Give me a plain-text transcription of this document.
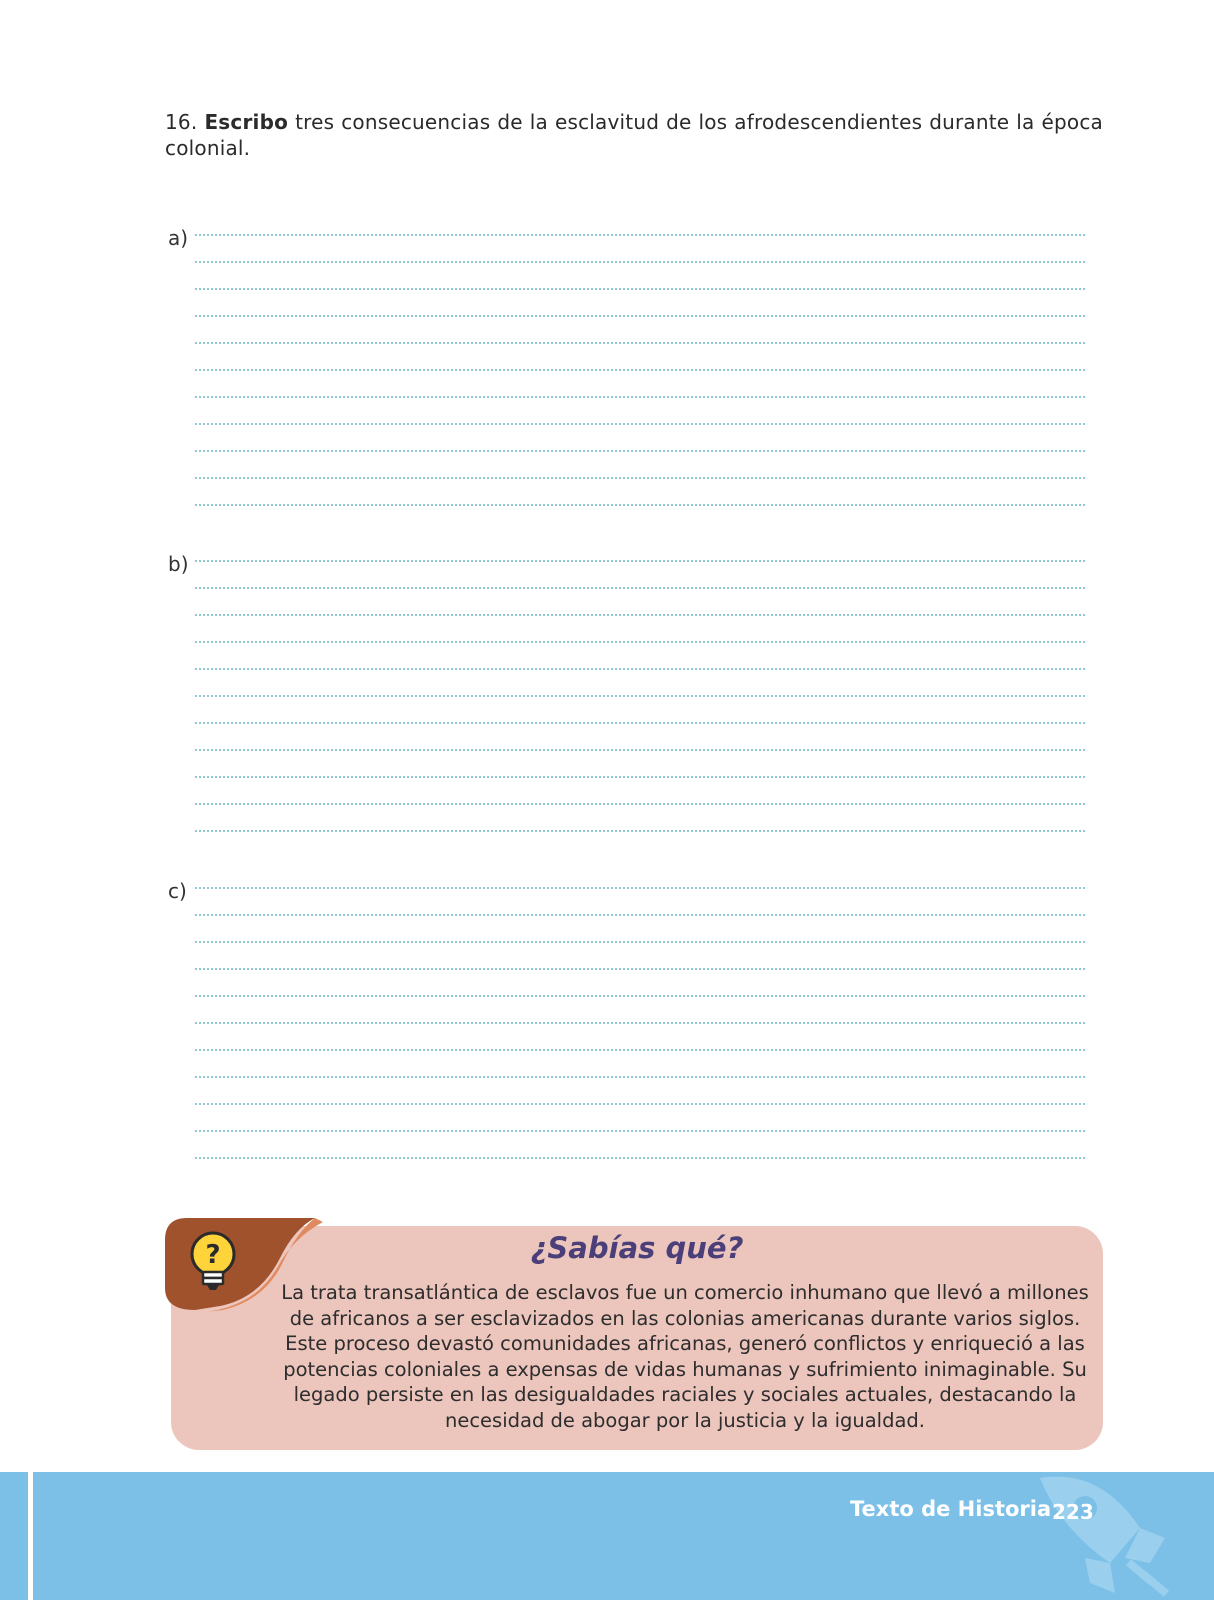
16. Escribo tres consecuencias de la esclavitud de los afrodescendientes durante la época colonial.
a)
b)
c)
?	¿Sabías qué?
La trata transatlántica de esclavos fue un comercio inhumano que llevó a millones de africanos a ser esclavizados en las colonias americanas durante varios siglos. Este proceso devastó comunidades africanas, generó conflictos y enriqueció a las potencias coloniales a expensas de vidas humanas y sufrimiento inimaginable. Su legado persiste en las desigualdades raciales y sociales actuales, destacando la necesidad de abogar por la justicia y la igualdad.
Texto de Historia 223
